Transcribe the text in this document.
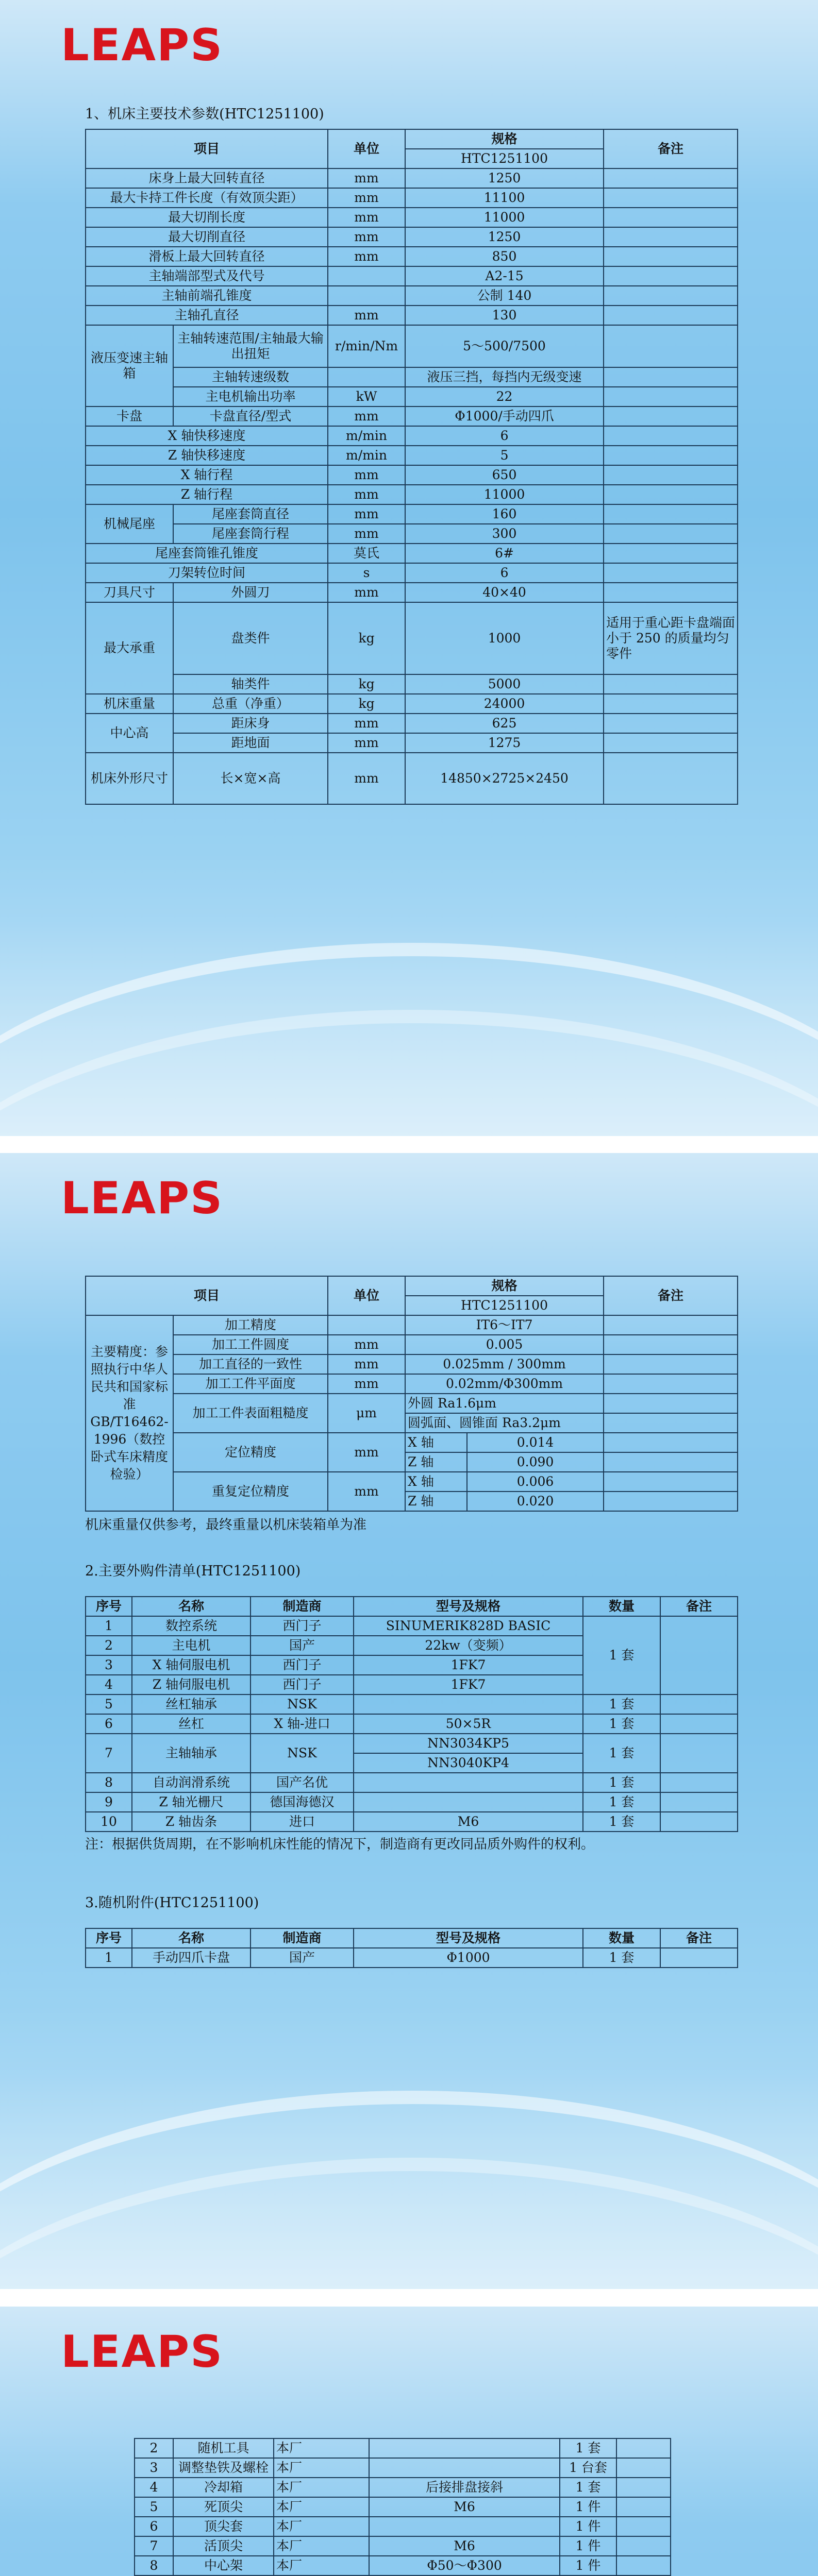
LEAPS
1、机床主要技术参数(HTC1251100)
项目		单位	规格	备注
			HTC1251100	
床身上最大回转直径		mm	1250	
最大卡持工件长度（有效顶尖距）		mm	11100	
最大切削长度		mm	11000	
最大切削直径		mm	1250	
滑板上最大回转直径		mm	850	
主轴端部型式及代号			A2-15	
主轴前端孔锥度			公制 140	
主轴孔直径		mm	130	
液压变速主轴箱	主轴转速范围/主轴最大输出扭矩	r/min/Nm	5～500/7500	
	主轴转速级数		液压三挡，每挡内无级变速	
	主电机输出功率	kW	22	
卡盘	卡盘直径/型式	mm	Φ1000/手动四爪	
X 轴快移速度		m/min	6	
Z 轴快移速度		m/min	5	
X 轴行程		mm	650	
Z 轴行程		mm	11000	
机械尾座	尾座套筒直径	mm	160	
	尾座套筒行程	mm	300	
尾座套筒锥孔锥度		莫氏	6#	
刀架转位时间		s	6	
刀具尺寸	外圆刀	mm	40×40	
最大承重	盘类件	kg	1000	适用于重心距卡盘端面小于 250 的质量均匀零件
	轴类件	kg	5000	
机床重量	总重（净重）	kg	24000	
中心高	距床身	mm	625	
	距地面	mm	1275	
机床外形尺寸	长×宽×高	mm	14850×2725×2450	
LEAPS
项目		单位	规格		备注
			HTC1251100		
主要精度：参照执行中华人民共和国家标准 GB/T16462-1996（数控卧式车床精度检验）	加工精度		IT6～IT7		
	加工工件圆度	mm	0.005		
	加工直径的一致性	mm	0.025mm / 300mm		
	加工工件平面度	mm	0.02mm/Φ300mm		
	加工工件表面粗糙度	μm	外圆 Ra1.6μm		
			圆弧面、圆锥面 Ra3.2μm		
	定位精度	mm	X 轴	0.014	
			Z 轴	0.090	
	重复定位精度	mm	X 轴	0.006	
			Z 轴	0.020	
机床重量仅供参考，最终重量以机床装箱单为准
2.主要外购件清单(HTC1251100)
序号	名称	制造商	型号及规格	数量	备注
1	数控系统	西门子	SINUMERIK828D BASIC	1 套	
2	主电机	国产	22kw（变频）		
3	X 轴伺服电机	西门子	1FK7		
4	Z 轴伺服电机	西门子	1FK7		
5	丝杠轴承	NSK		1 套	
6	丝杠	X 轴-进口	50×5R	1 套	
7	主轴轴承	NSK	NN3034KP5	1 套	
			NN3040KP4		
8	自动润滑系统	国产名优		1 套	
9	Z 轴光栅尺	德国海德汉		1 套	
10	Z 轴齿条	进口	M6	1 套	
注：根据供货周期，在不影响机床性能的情况下，制造商有更改同品质外购件的权利。
3.随机附件(HTC1251100)
序号	名称	制造商	型号及规格	数量	备注
1	手动四爪卡盘	国产	Φ1000	1 套	
LEAPS
2	随机工具	本厂		1 套	
3	调整垫铁及螺栓	本厂		1 台套	
4	冷却箱	本厂	后接排盘接斜	1 套	
5	死顶尖	本厂	M6	1 件	
6	顶尖套	本厂		1 件	
7	活顶尖	本厂	M6	1 件	
8	中心架	本厂	Φ50～Φ300	1 件	
